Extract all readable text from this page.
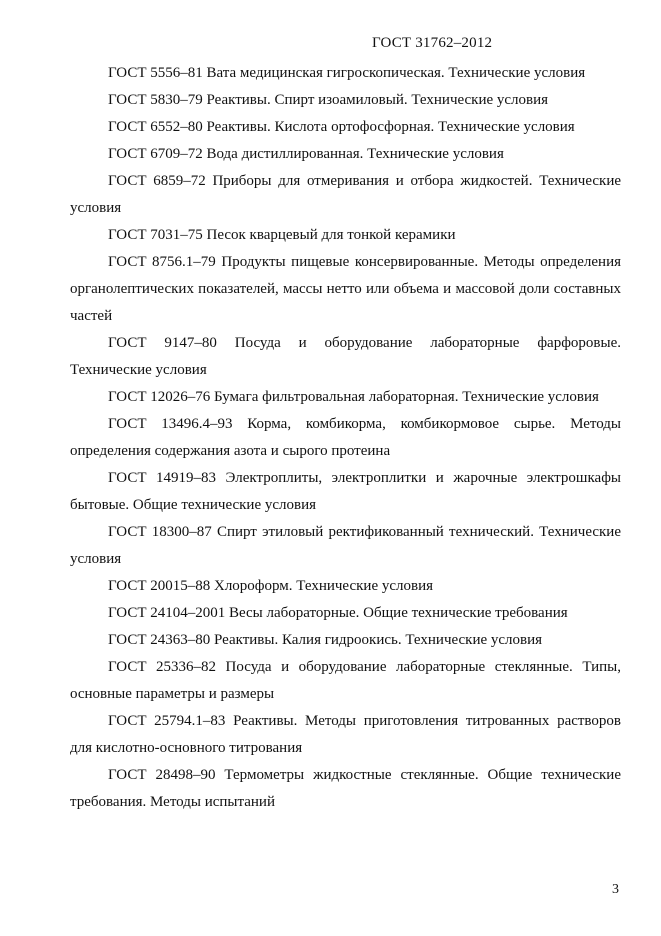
ГОСТ 31762–2012

ГОСТ 5556–81 Вата медицинская гигроскопическая. Технические условия

ГОСТ 5830–79 Реактивы. Спирт изоамиловый. Технические условия

ГОСТ 6552–80 Реактивы. Кислота ортофосфорная. Технические условия

ГОСТ 6709–72 Вода дистиллированная. Технические условия

ГОСТ 6859–72 Приборы для отмеривания и отбора жидкостей. Технические условия

ГОСТ 7031–75 Песок кварцевый для тонкой керамики

ГОСТ 8756.1–79 Продукты пищевые консервированные. Методы определения органолептических показателей, массы нетто или объема и массовой доли составных частей

ГОСТ 9147–80 Посуда и оборудование лабораторные фарфоровые. Технические условия

ГОСТ 12026–76 Бумага фильтровальная лабораторная. Технические условия

ГОСТ 13496.4–93 Корма, комбикорма, комбикормовое сырье. Методы определения содержания азота и сырого протеина

ГОСТ 14919–83 Электроплиты, электроплитки и жарочные электрошкафы бытовые. Общие технические условия

ГОСТ 18300–87 Спирт этиловый ректификованный технический. Технические условия

ГОСТ 20015–88 Хлороформ. Технические условия

ГОСТ 24104–2001 Весы лабораторные. Общие технические требования

ГОСТ 24363–80 Реактивы. Калия гидроокись. Технические условия

ГОСТ 25336–82 Посуда и оборудование лабораторные стеклянные. Типы, основные параметры и размеры

ГОСТ 25794.1–83 Реактивы. Методы приготовления титрованных растворов для кислотно-основного титрования

ГОСТ 28498–90 Термометры жидкостные стеклянные. Общие технические требования. Методы испытаний

3
